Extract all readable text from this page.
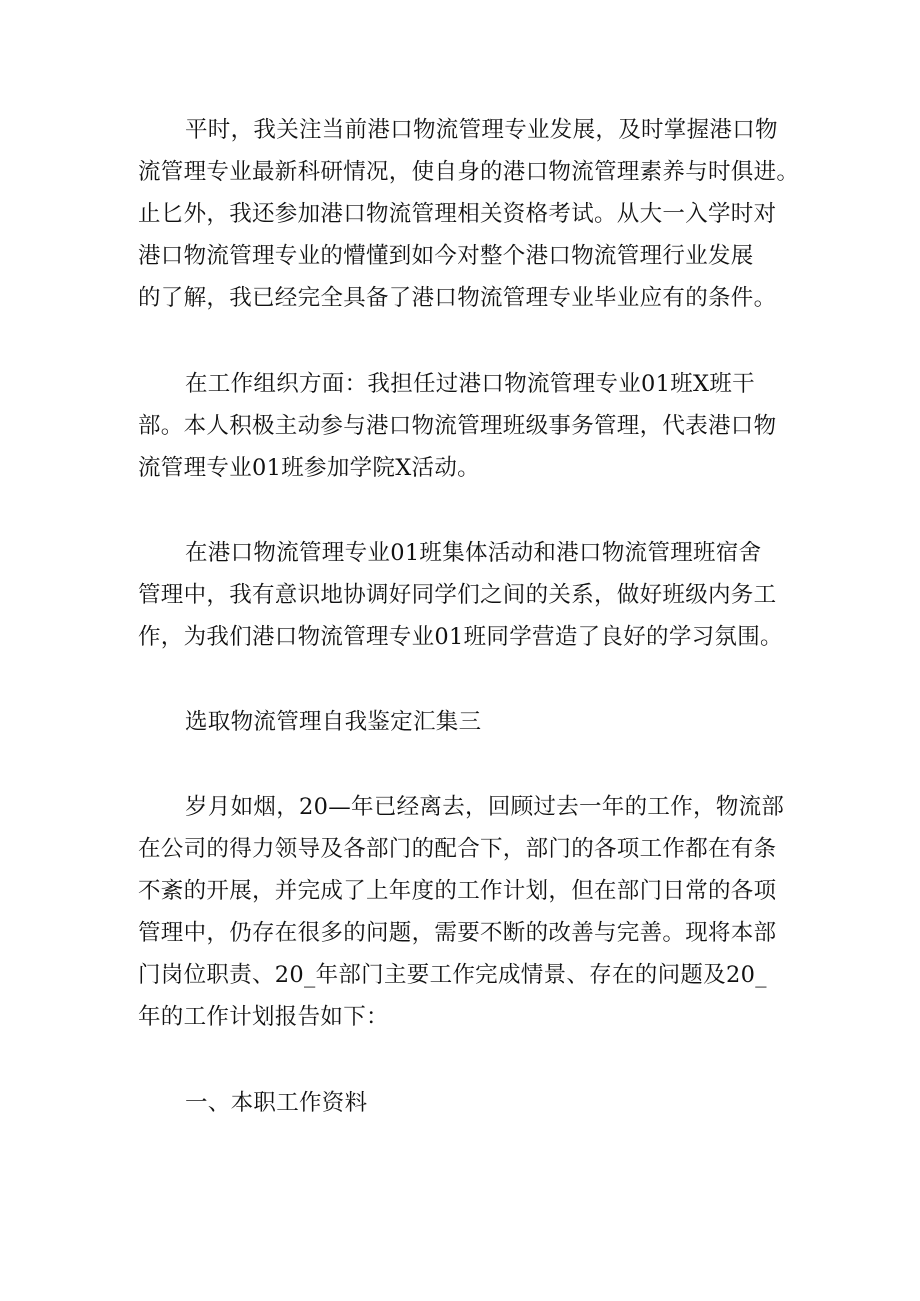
平时，我关注当前港口物流管理专业发展，及时掌握港口物
流管理专业最新科研情况，使自身的港口物流管理素养与时俱进。
止匕外，我还参加港口物流管理相关资格考试。从大一入学时对
港口物流管理专业的懵懂到如今对整个港口物流管理行业发展
的了解，我已经完全具备了港口物流管理专业毕业应有的条件。
在工作组织方面：我担任过港口物流管理专业01班X班干
部。本人积极主动参与港口物流管理班级事务管理，代表港口物
流管理专业01班参加学院X活动。
在港口物流管理专业01班集体活动和港口物流管理班宿舍
管理中，我有意识地协调好同学们之间的关系，做好班级内务工
作，为我们港口物流管理专业01班同学营造了良好的学习氛围。
选取物流管理自我鉴定汇集三
岁月如烟，20—年已经离去，回顾过去一年的工作，物流部
在公司的得力领导及各部门的配合下，部门的各项工作都在有条
不紊的开展，并完成了上年度的工作计划，但在部门日常的各项
管理中，仍存在很多的问题，需要不断的改善与完善。现将本部
门岗位职责、20_年部门主要工作完成情景、存在的问题及20_
年的工作计划报告如下：
一、本职工作资料
